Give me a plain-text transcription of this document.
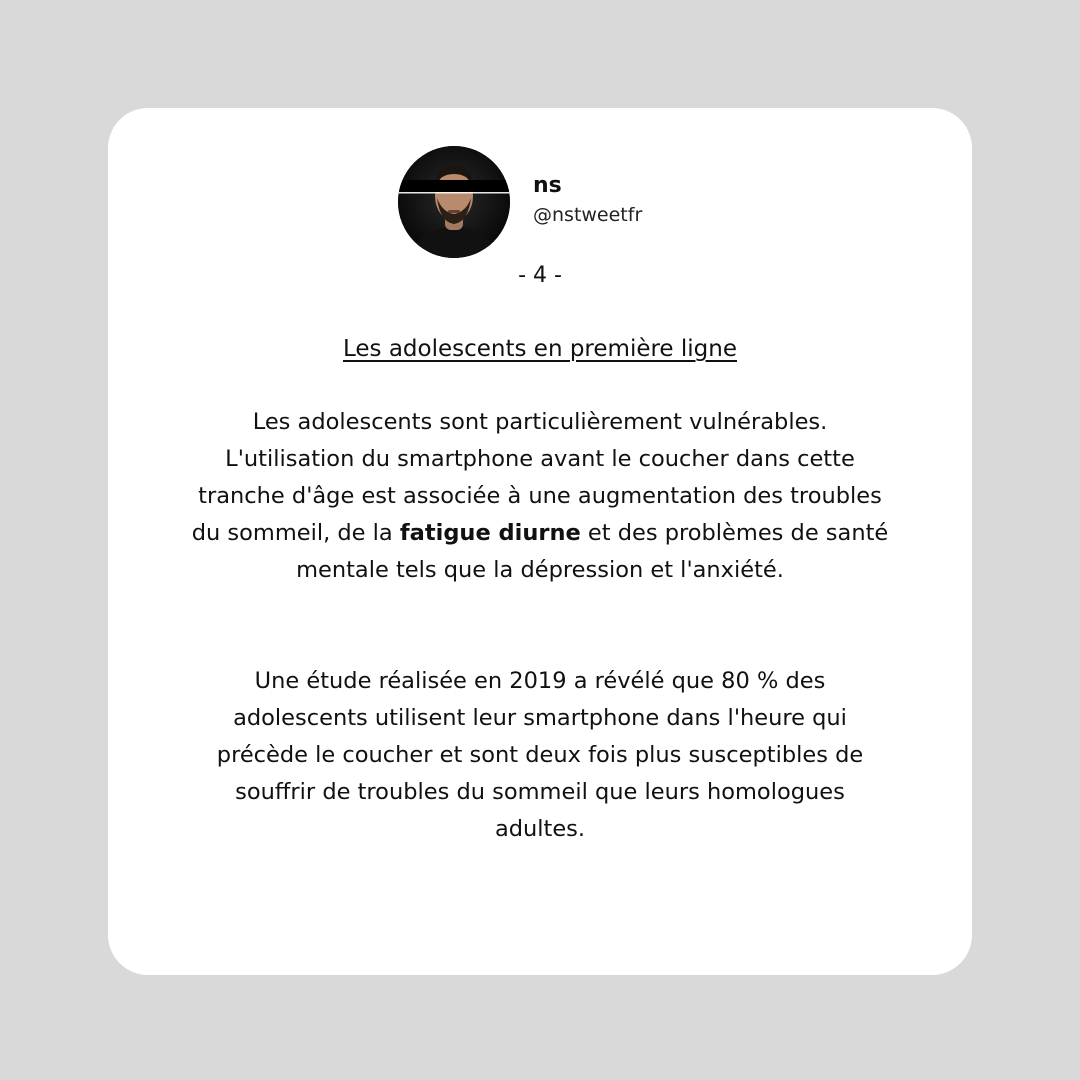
ns
@nstweetfr
- 4 -
Les adolescents en première ligne

Les adolescents sont particulièrement vulnérables. L'utilisation du smartphone avant le coucher dans cette tranche d'âge est associée à une augmentation des troubles du sommeil, de la fatigue diurne et des problèmes de santé mentale tels que la dépression et l'anxiété.

Une étude réalisée en 2019 a révélé que 80 % des adolescents utilisent leur smartphone dans l'heure qui précède le coucher et sont deux fois plus susceptibles de souffrir de troubles du sommeil que leurs homologues adultes.
